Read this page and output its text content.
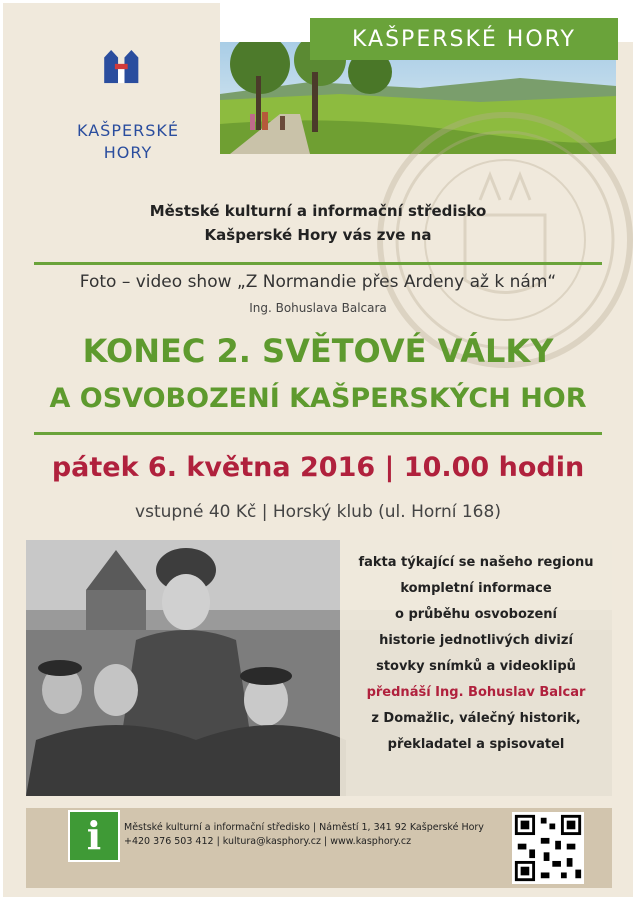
KAŠPERSKÉ HORY
KAŠPERSKÉ
HORY
Městské kulturní a informační středisko
Kašperské Hory vás zve na
Foto – video show „Z Normandie přes Ardeny až k nám“
Ing. Bohuslava Balcara
KONEC 2. SVĚTOVÉ VÁLKY
A OSVOBOZENÍ KAŠPERSKÝCH HOR
pátek 6. května 2016 | 10.00 hodin
vstupné 40 Kč | Horský klub (ul. Horní 168)
fakta týkající se našeho regionu
kompletní informace
o průběhu osvobození
historie jednotlivých divizí
stovky snímků a videoklipů
přednáší Ing. Bohuslav Balcar
z Domažlic, válečný historik,
překladatel a spisovatel
i	Městské kulturní a informační středisko | Náměstí 1, 341 92 Kašperské Hory
+420 376 503 412 | kultura@kasphory.cz | www.kasphory.cz
